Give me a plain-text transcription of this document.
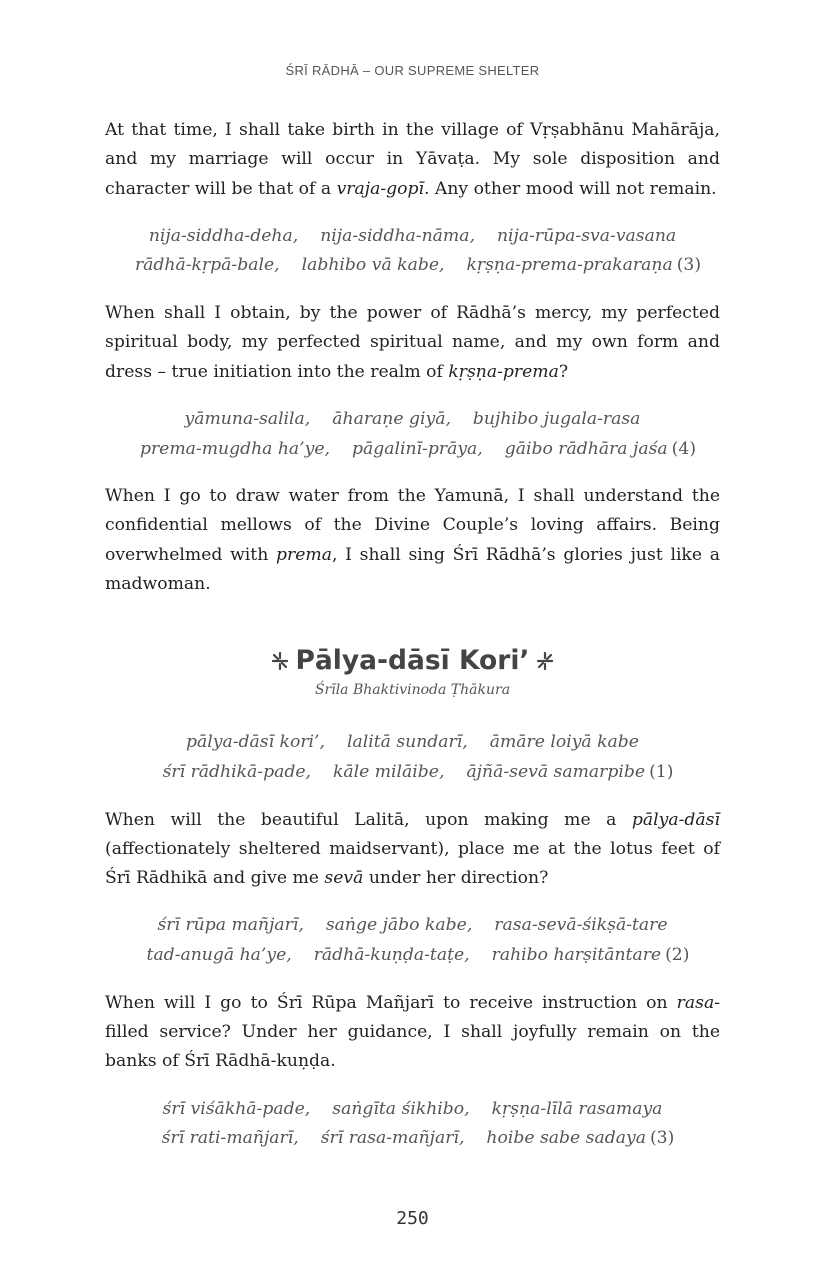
ŚRĪ RĀDHĀ – OUR SUPREME SHELTER

At that time, I shall take birth in the village of Vṛṣabhānu Mahārāja, and my marriage will occur in Yāvaṭa. My sole disposition and character will be that of a vraja-gopī. Any other mood will not remain.

nija-siddha-deha, nija-siddha-nāma, nija-rūpa-sva-vasana
rādhā-kṛpā-bale, labhibo vā kabe, kṛṣṇa-prema-prakaraṇa (3)

When shall I obtain, by the power of Rādhā’s mercy, my perfected spiritual body, my perfected spiritual name, and my own form and dress – true initiation into the realm of kṛṣṇa-prema?

yāmuna-salila, āharaṇe giyā, bujhibo jugala-rasa
prema-mugdha ha’ye, pāgalinī-prāya, gāibo rādhāra jaśa (4)

When I go to draw water from the Yamunā, I shall understand the confidential mellows of the Divine Couple’s loving affairs. Being overwhelmed with prema, I shall sing Śrī Rādhā’s glories just like a madwoman.

Pālya-dāsī Kori’
Śrīla Bhaktivinoda Ṭhākura
pālya-dāsī kori’, lalitā sundarī, āmāre loiyā kabe
śrī rādhikā-pade, kāle milāibe, ājñā-sevā samarpibe (1)

When will the beautiful Lalitā, upon making me a pālya-dāsī (affectionately sheltered maidservant), place me at the lotus feet of Śrī Rādhikā and give me sevā under her direction?

śrī rūpa mañjarī, saṅge jābo kabe, rasa-sevā-śikṣā-tare
tad-anugā ha’ye, rādhā-kuṇḍa-taṭe, rahibo harṣitāntare (2)

When will I go to Śrī Rūpa Mañjarī to receive instruction on rasa-filled service? Under her guidance, I shall joyfully remain on the banks of Śrī Rādhā-kuṇḍa.

śrī viśākhā-pade, saṅgīta śikhibo, kṛṣṇa-līlā rasamaya
śrī rati-mañjarī, śrī rasa-mañjarī, hoibe sabe sadaya (3)
250
